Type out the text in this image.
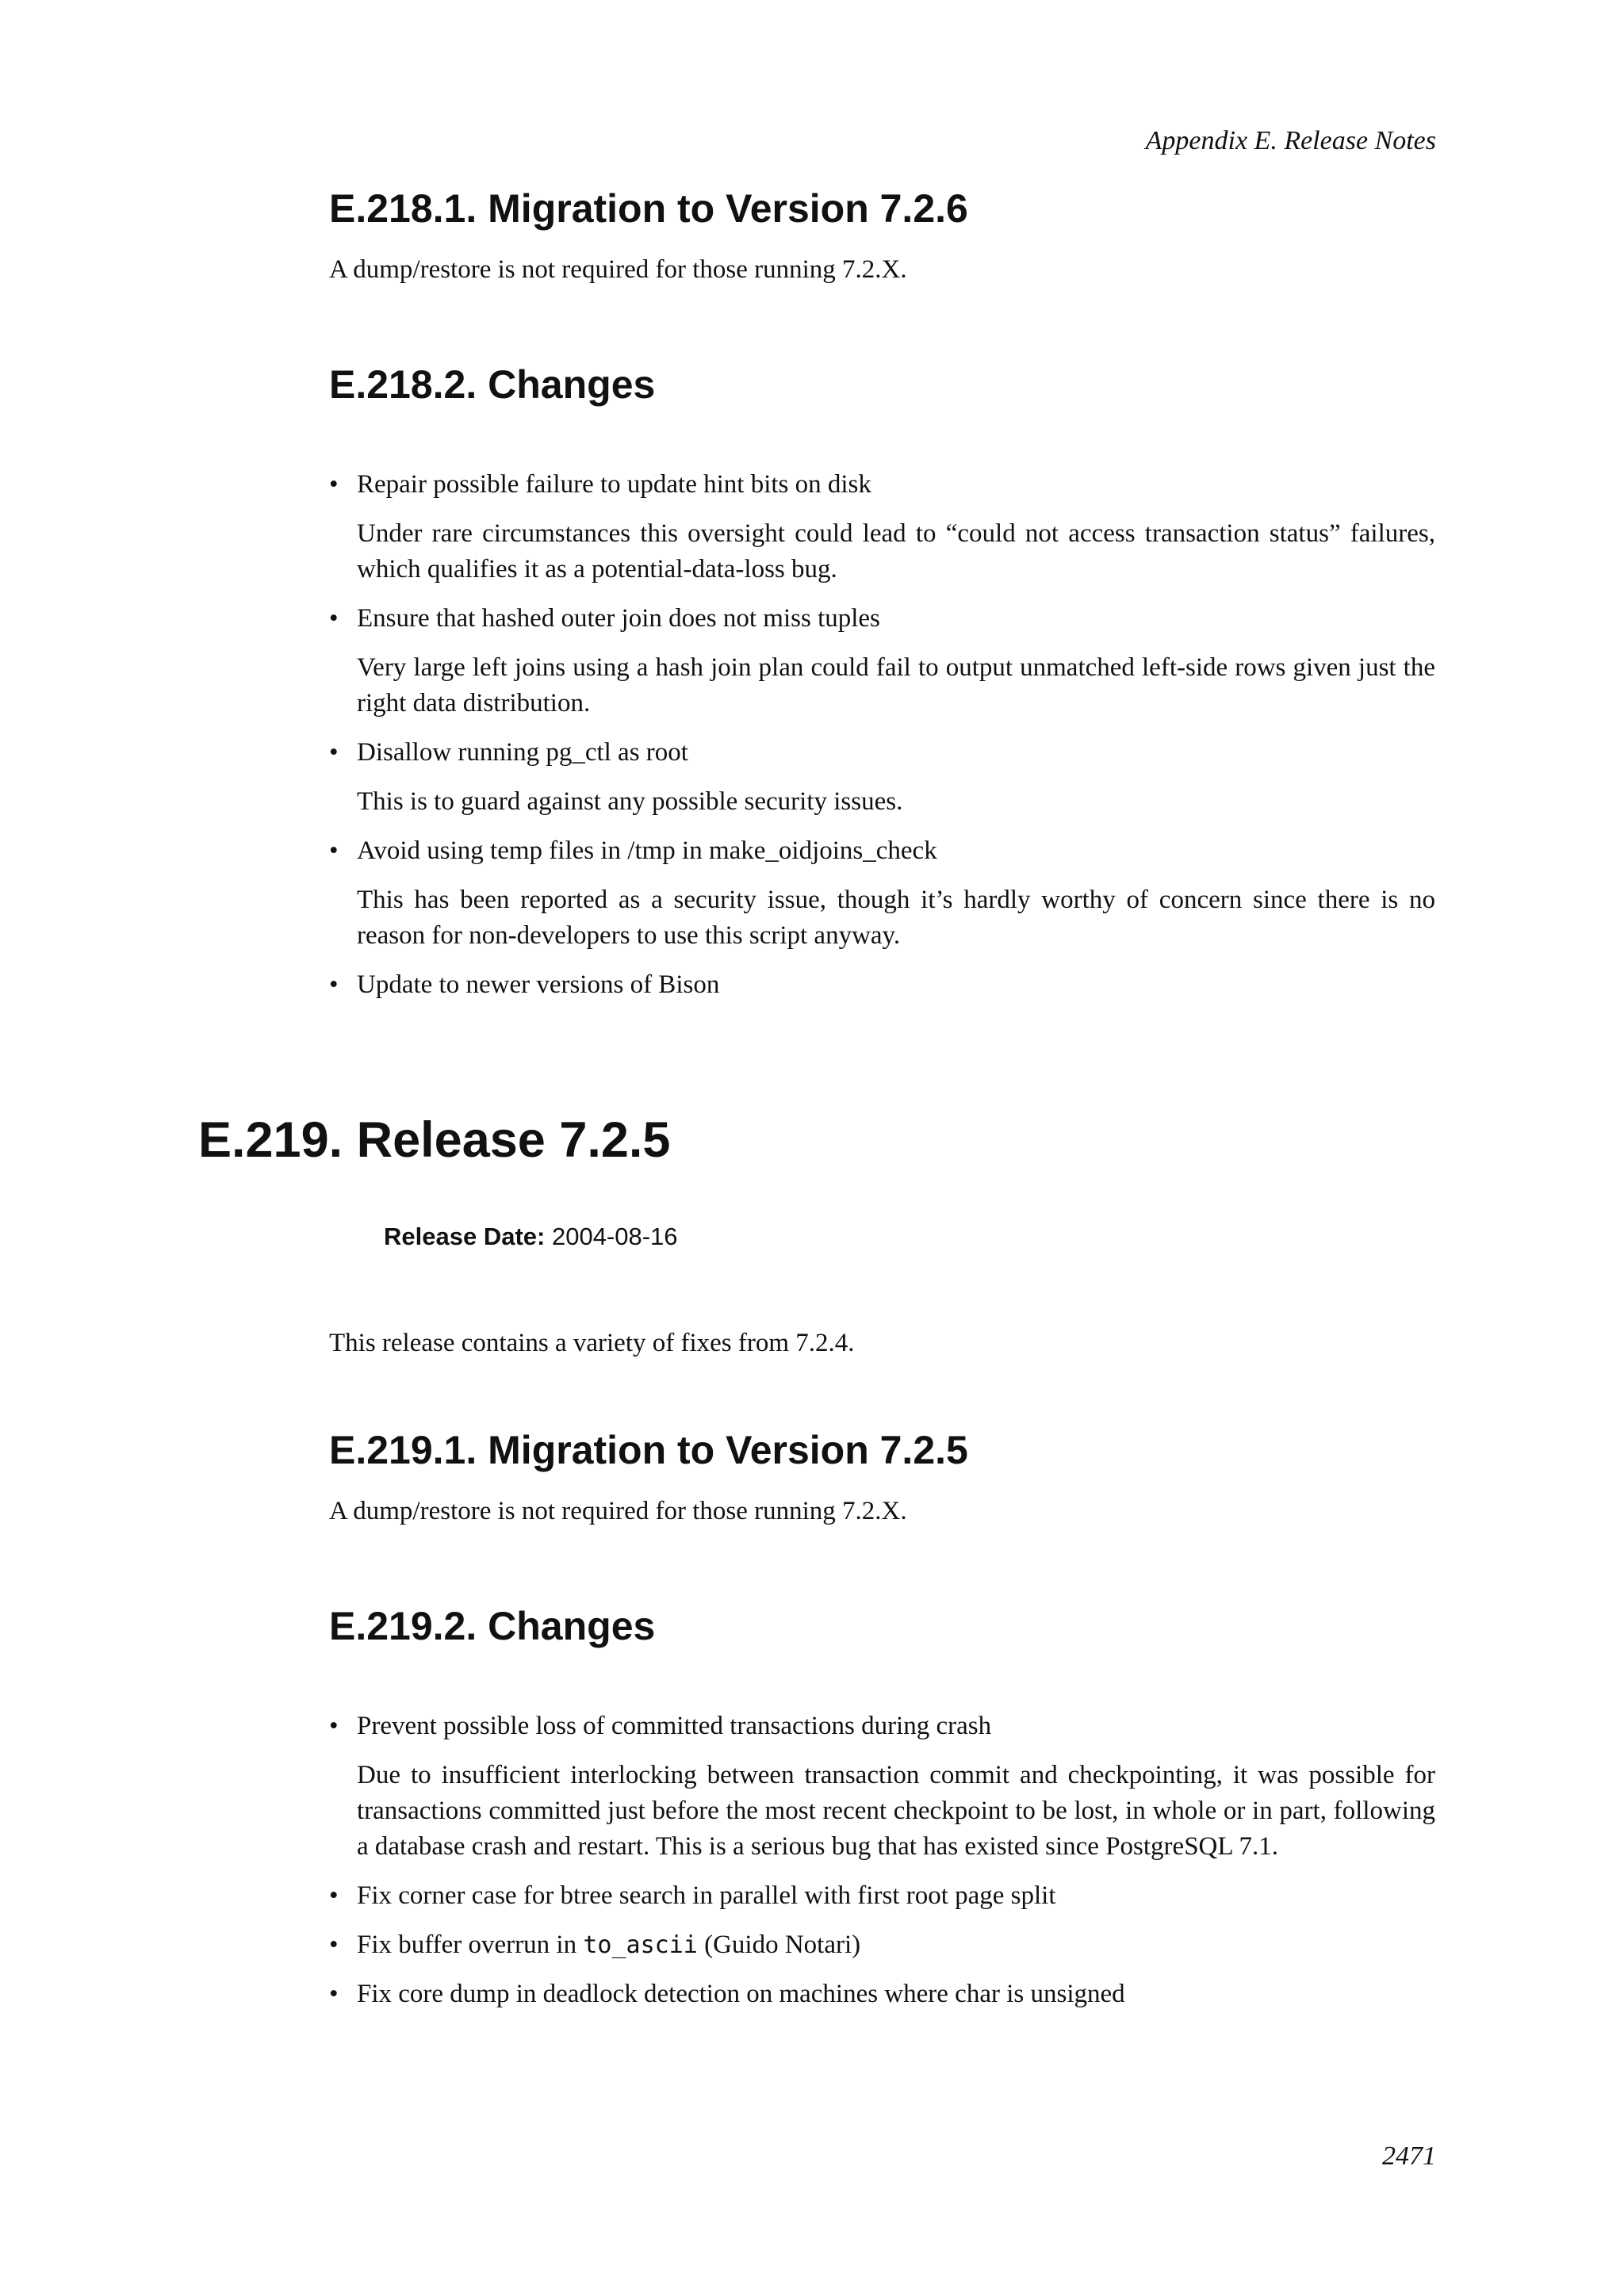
Appendix E. Release Notes
E.218.1. Migration to Version 7.2.6

A dump/restore is not required for those running 7.2.X.

E.218.2. Changes
• Repair possible failure to update hint bits on disk

Under rare circumstances this oversight could lead to “could not access transaction status” failures, which qualifies it as a potential-data-loss bug.

• Ensure that hashed outer join does not miss tuples

Very large left joins using a hash join plan could fail to output unmatched left-side rows given just the right data distribution.

• Disallow running pg_ctl as root

This is to guard against any possible security issues.

• Avoid using temp files in /tmp in make_oidjoins_check

This has been reported as a security issue, though it’s hardly worthy of concern since there is no reason for non-developers to use this script anyway.

• Update to newer versions of Bison

E.219. Release 7.2.5
Release Date: 2004-08-16

This release contains a variety of fixes from 7.2.4.

E.219.1. Migration to Version 7.2.5

A dump/restore is not required for those running 7.2.X.

E.219.2. Changes
• Prevent possible loss of committed transactions during crash

Due to insufficient interlocking between transaction commit and checkpointing, it was possible for transactions committed just before the most recent checkpoint to be lost, in whole or in part, following a database crash and restart. This is a serious bug that has existed since PostgreSQL 7.1.

• Fix corner case for btree search in parallel with first root page split

• Fix buffer overrun in to_ascii (Guido Notari)

• Fix core dump in deadlock detection on machines where char is unsigned

2471
